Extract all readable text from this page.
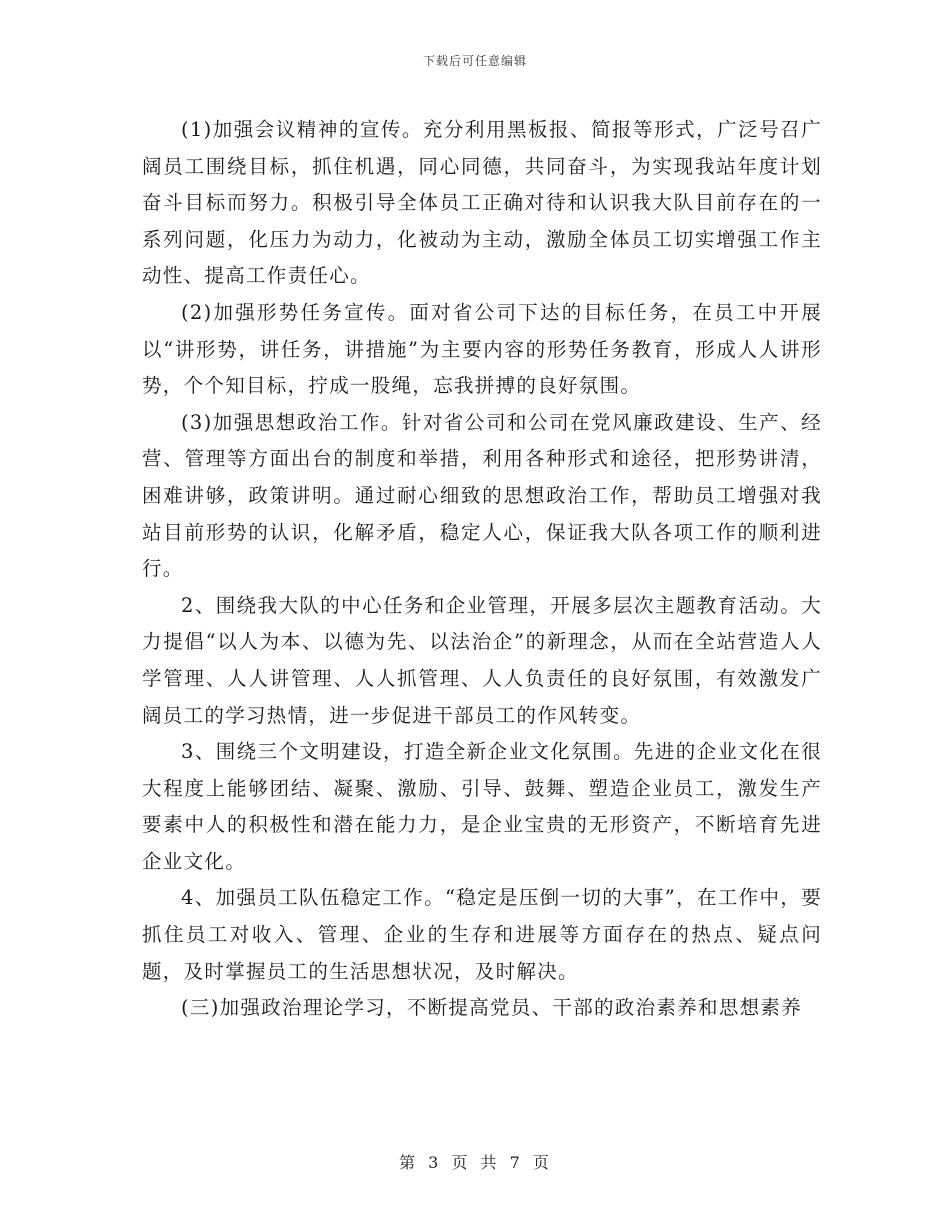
下载后可任意编辑

(1)加强会议精神的宣传。充分利用黑板报、简报等形式，广泛号召广阔员工围绕目标，抓住机遇，同心同德，共同奋斗，为实现我站年度计划奋斗目标而努力。积极引导全体员工正确对待和认识我大队目前存在的一系列问题，化压力为动力，化被动为主动，激励全体员工切实增强工作主动性、提高工作责任心。

(2)加强形势任务宣传。面对省公司下达的目标任务，在员工中开展以“讲形势，讲任务，讲措施”为主要内容的形势任务教育，形成人人讲形势，个个知目标，拧成一股绳，忘我拼搏的良好氛围。

(3)加强思想政治工作。针对省公司和公司在党风廉政建设、生产、经营、管理等方面出台的制度和举措，利用各种形式和途径，把形势讲清，困难讲够，政策讲明。通过耐心细致的思想政治工作，帮助员工增强对我站目前形势的认识，化解矛盾，稳定人心，保证我大队各项工作的顺利进行。

2、围绕我大队的中心任务和企业管理，开展多层次主题教育活动。大力提倡“以人为本、以德为先、以法治企”的新理念，从而在全站营造人人学管理、人人讲管理、人人抓管理、人人负责任的良好氛围，有效激发广阔员工的学习热情，进一步促进干部员工的作风转变。

3、围绕三个文明建设，打造全新企业文化氛围。先进的企业文化在很大程度上能够团结、凝聚、激励、引导、鼓舞、塑造企业员工，激发生产要素中人的积极性和潜在能力力，是企业宝贵的无形资产，不断培育先进企业文化。

4、加强员工队伍稳定工作。“稳定是压倒一切的大事”，在工作中，要抓住员工对收入、管理、企业的生存和进展等方面存在的热点、疑点问题，及时掌握员工的生活思想状况，及时解决。

(三)加强政治理论学习，不断提高党员、干部的政治素养和思想素养

第 3 页 共 7 页
